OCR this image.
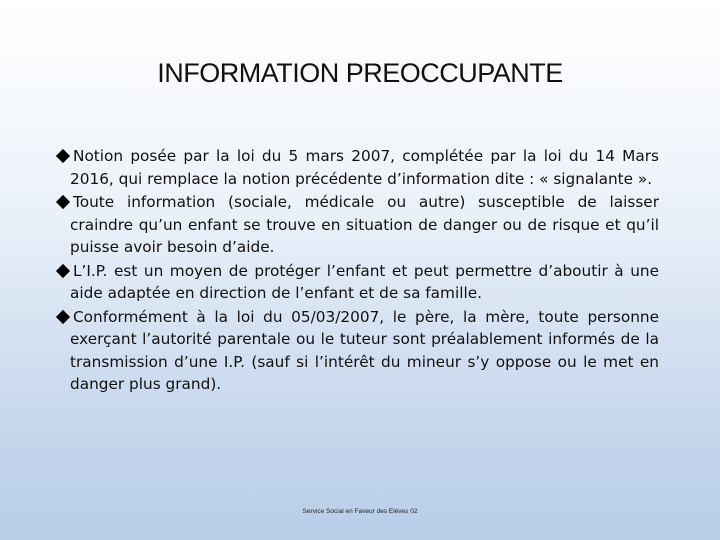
INFORMATION PREOCCUPANTE
Notion posée par la loi du 5 mars 2007, complétée par la loi du 14 Mars 2016, qui remplace la notion précédente d’information dite : « signalante ».
Toute information (sociale, médicale ou autre) susceptible de laisser craindre qu’un enfant se trouve en situation de danger ou de risque et qu’il puisse avoir besoin d’aide.
L’I.P. est un moyen de protéger l’enfant et peut permettre d’aboutir à une aide adaptée en direction de l’enfant et de sa famille.
Conformément à la loi du 05/03/2007, le père, la mère, toute personne exerçant l’autorité parentale ou le tuteur sont préalablement informés de la transmission d’une I.P. (sauf si l’intérêt du mineur s’y oppose ou le met en danger plus grand).
Service Social en Faveur des Elèves 02
